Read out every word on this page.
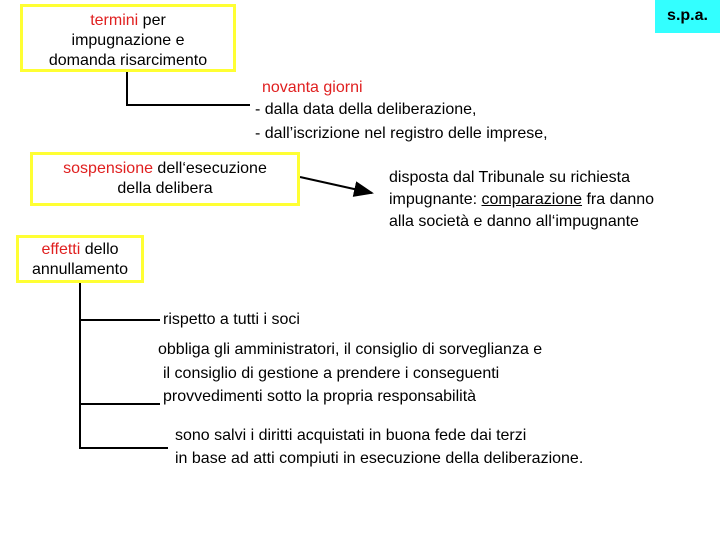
s.p.a.
termini per
impugnazione e
domanda risarcimento
novanta giorni
- dalla data della deliberazione,
- dall’iscrizione nel registro delle imprese,
sospensione dell‘esecuzione
della delibera
disposta dal Tribunale su richiesta
impugnante: comparazione fra danno
alla società e danno all‘impugnante
effetti dello
annullamento
rispetto a tutti i soci
obbliga gli amministratori, il consiglio di sorveglianza e
il consiglio di gestione a prendere i conseguenti
provvedimenti sotto la propria responsabilità
sono salvi i diritti acquistati in buona fede dai terzi
in base ad atti compiuti in esecuzione della deliberazione.
